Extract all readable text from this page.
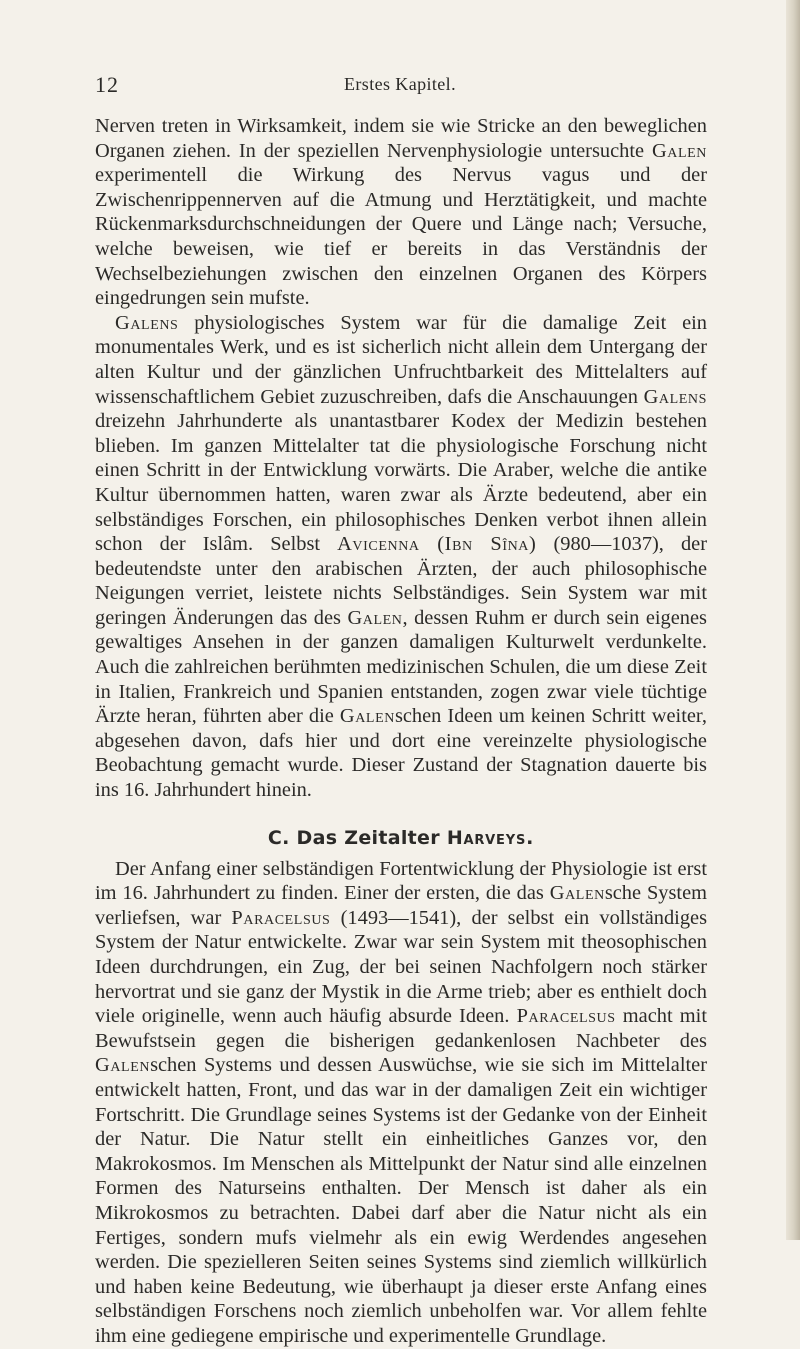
12	Erstes Kapitel.

Nerven treten in Wirksamkeit, indem sie wie Stricke an den beweglichen Organen ziehen. In der speziellen Nervenphysiologie untersuchte Galen experimentell die Wirkung des Nervus vagus und der Zwischenrippennerven auf die Atmung und Herztätigkeit, und machte Rückenmarksdurchschneidungen der Quere und Länge nach; Versuche, welche beweisen, wie tief er bereits in das Verständnis der Wechselbeziehungen zwischen den einzelnen Organen des Körpers eingedrungen sein mufste.

Galens physiologisches System war für die damalige Zeit ein monumentales Werk, und es ist sicherlich nicht allein dem Untergang der alten Kultur und der gänzlichen Unfruchtbarkeit des Mittelalters auf wissenschaftlichem Gebiet zuzuschreiben, dafs die Anschauungen Galens dreizehn Jahrhunderte als unantastbarer Kodex der Medizin bestehen blieben. Im ganzen Mittelalter tat die physiologische Forschung nicht einen Schritt in der Entwicklung vorwärts. Die Araber, welche die antike Kultur übernommen hatten, waren zwar als Ärzte bedeutend, aber ein selbständiges Forschen, ein philosophisches Denken verbot ihnen allein schon der Islâm. Selbst Avicenna (Ibn Sîna) (980—1037), der bedeutendste unter den arabischen Ärzten, der auch philosophische Neigungen verriet, leistete nichts Selbständiges. Sein System war mit geringen Änderungen das des Galen, dessen Ruhm er durch sein eigenes gewaltiges Ansehen in der ganzen damaligen Kulturwelt verdunkelte. Auch die zahlreichen berühmten medizinischen Schulen, die um diese Zeit in Italien, Frankreich und Spanien entstanden, zogen zwar viele tüchtige Ärzte heran, führten aber die Galenschen Ideen um keinen Schritt weiter, abgesehen davon, dafs hier und dort eine vereinzelte physiologische Beobachtung gemacht wurde. Dieser Zustand der Stagnation dauerte bis ins 16. Jahrhundert hinein.

C. Das Zeitalter Harveys.

Der Anfang einer selbständigen Fortentwicklung der Physiologie ist erst im 16. Jahrhundert zu finden. Einer der ersten, die das Galensche System verliefsen, war Paracelsus (1493—1541), der selbst ein vollständiges System der Natur entwickelte. Zwar war sein System mit theosophischen Ideen durchdrungen, ein Zug, der bei seinen Nachfolgern noch stärker hervortrat und sie ganz der Mystik in die Arme trieb; aber es enthielt doch viele originelle, wenn auch häufig absurde Ideen. Paracelsus macht mit Bewufstsein gegen die bisherigen gedankenlosen Nachbeter des Galenschen Systems und dessen Auswüchse, wie sie sich im Mittelalter entwickelt hatten, Front, und das war in der damaligen Zeit ein wichtiger Fortschritt. Die Grundlage seines Systems ist der Gedanke von der Einheit der Natur. Die Natur stellt ein einheitliches Ganzes vor, den Makrokosmos. Im Menschen als Mittelpunkt der Natur sind alle einzelnen Formen des Naturseins enthalten. Der Mensch ist daher als ein Mikrokosmos zu betrachten. Dabei darf aber die Natur nicht als ein Fertiges, sondern mufs vielmehr als ein ewig Werdendes angesehen werden. Die spezielleren Seiten seines Systems sind ziemlich willkürlich und haben keine Bedeutung, wie überhaupt ja dieser erste Anfang eines selbständigen Forschens noch ziemlich unbeholfen war. Vor allem fehlte ihm eine gediegene empirische und experimentelle Grundlage.
